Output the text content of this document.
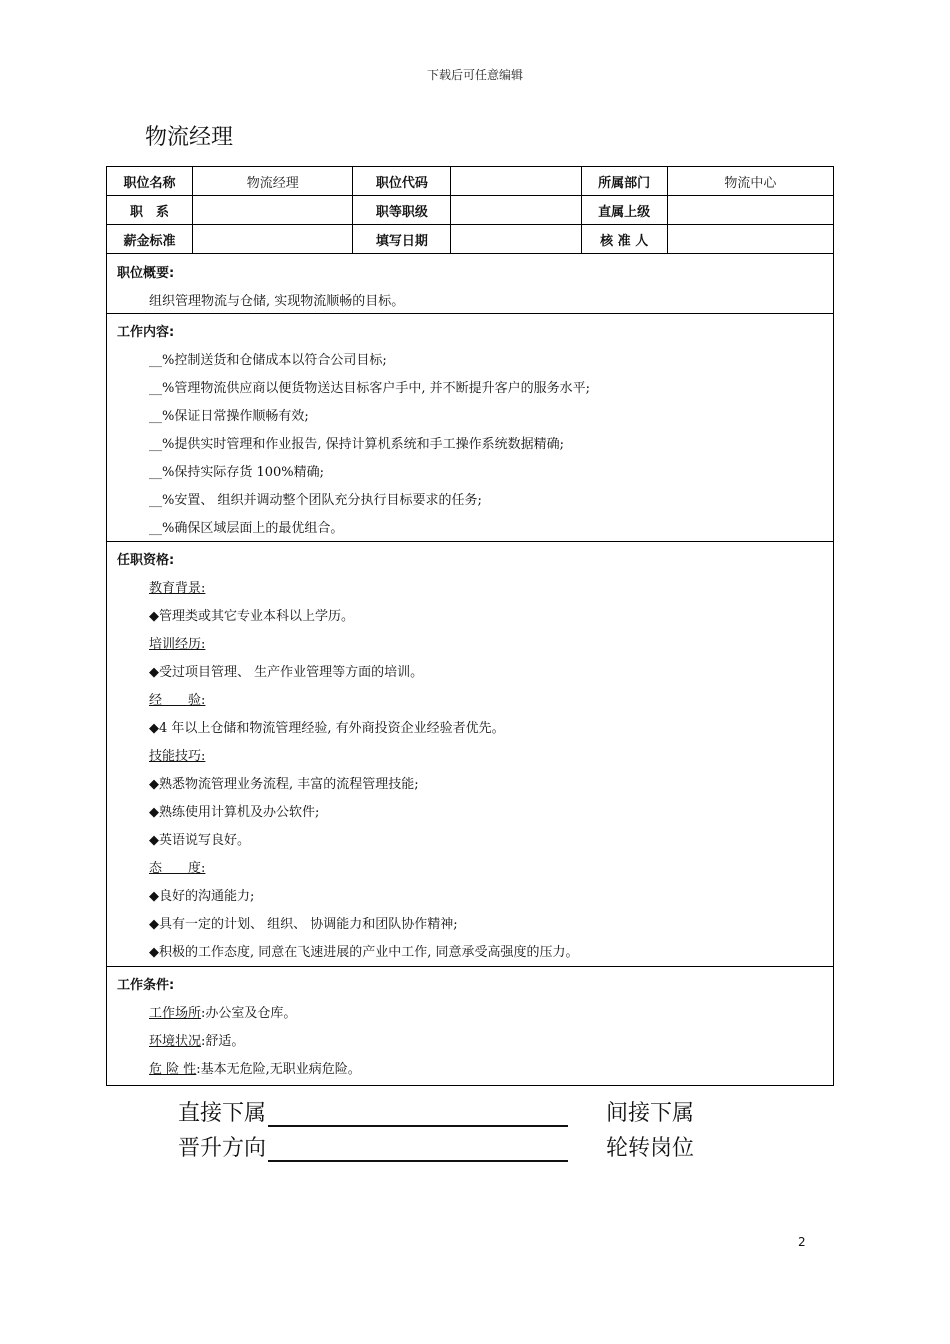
下载后可任意编辑
物流经理
职位名称	物流经理	职位代码		所属部门	物流中心
职　系		职等职级		直属上级	
薪金标准		填写日期		核 准 人	
职位概要:
组织管理物流与仓储, 实现物流顺畅的目标。
工作内容:
__%控制送货和仓储成本以符合公司目标;
__%管理物流供应商以便货物送达目标客户手中, 并不断提升客户的服务水平;
__%保证日常操作顺畅有效;
__%提供实时管理和作业报告, 保持计算机系统和手工操作系统数据精确;
__%保持实际存货 100%精确;
__%安置、 组织并调动整个团队充分执行目标要求的任务;
__%确保区域层面上的最优组合。
任职资格:
教育背景:
◆管理类或其它专业本科以上学历。
培训经历:
◆受过项目管理、 生产作业管理等方面的培训。
经　　验:
◆4 年以上仓储和物流管理经验, 有外商投资企业经验者优先。
技能技巧:
◆熟悉物流管理业务流程, 丰富的流程管理技能;
◆熟练使用计算机及办公软件;
◆英语说写良好。
态　　度:
◆良好的沟通能力;
◆具有一定的计划、 组织、 协调能力和团队协作精神;
◆积极的工作态度, 同意在飞速进展的产业中工作, 同意承受高强度的压力。
工作条件:
工作场所:办公室及仓库。
环境状况:舒适。
危 险 性:基本无危险,无职业病危险。
直接下属	间接下属
晋升方向	轮转岗位
2
